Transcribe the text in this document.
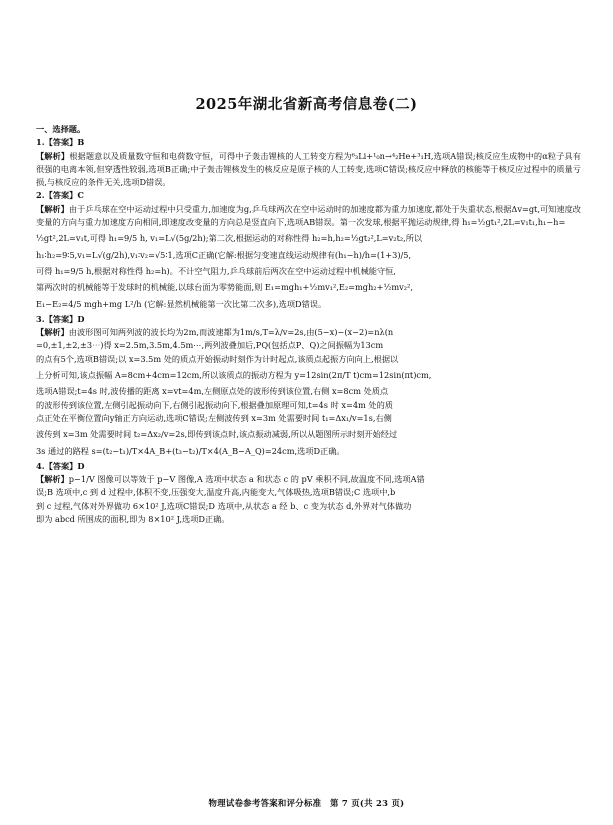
2025年湖北省新高考信息卷(二)

一、选择题。

1.【答案】B

【解析】根据题意以及质量数守恒和电荷数守恒，可得中子轰击锂核的人工转变方程为⁶₃Li+¹₀n→⁴₂He+³₁H,选项A错误;核反应生成物中的α粒子具有很强的电离本领,但穿透性较弱,选项B正确;中子轰击锂核发生的核反应是原子核的人工转变,选项C错误;核反应中释放的核能等于核反应过程中的质量亏损,与核反应的条件无关,选项D错误。

2.【答案】C

【解析】由于乒乓球在空中运动过程中只受重力,加速度为g,乒乓球两次在空中运动时的加速度都为重力加速度,都处于失重状态,根据Δv=gt,可知速度改变量的方向与重力加速度方向相同,即速度改变量的方向总是竖直向下,选项AB错误。第一次发球,根据平抛运动规律,得 h₁=½gt₁²,2L=v₁t₁,h₁−h=

½gt²,2L=v₁t,可得 h₁=9/5 h, v₁=L√(5g/2h);第二次,根据运动的对称性得 h₂=h,h₂=½gt₂²,L=v₂t₂,所以

h₁∶h₂=9∶5,v₁=L√(g/2h),v₁∶v₂=√5∶1,选项C正确(它解:根据匀变速直线运动规律有(h₁−h)/h=(1+3)/5,

可得 h₁=9/5 h,根据对称性得 h₂=h)。不计空气阻力,乒乓球前后两次在空中运动过程中机械能守恒,

第两次时的机械能等于发球时的机械能,以球台面为零势能面,则 E₁=mgh₁+½mv₁²,E₂=mgh₂+½mv₂²,

E₁−E₂=4/5 mgh+mg L²/h (它解:显然机械能第一次比第二次多),选项D错误。

3.【答案】D

【解析】由波形图可知两列波的波长均为2m,而波速都为1m/s,T=λ/v=2s,由(5−x)−(x−2)=nλ(n

=0,±1,±2,±3⋯)得 x=2.5m,3.5m,4.5m⋯,两列波叠加后,PQ(包括点P、Q)之间振幅为13cm

的点有5个,选项B错误;以 x=3.5m 处的质点开始振动时刻作为计时起点,该质点起振方向向上,根据以

上分析可知,该点振幅 A=8cm+4cm=12cm,所以该质点的振动方程为 y=12sin(2π/T t)cm=12sin(πt)cm,

选项A错误;t=4s 时,波传播的距离 x=vt=4m,左侧原点处的波形传到该位置,右侧 x=8cm 处质点

的波形传到该位置,左侧引起振动向下,右侧引起振动向下,根据叠加原理可知,t=4s 时 x=4m 处的质

点正处在平衡位置向y轴正方向运动,选项C错误;左侧波传到 x=3m 处需要时间 t₁=Δx₁/v=1s,右侧

波传到 x=3m 处需要时间 t₂=Δx₂/v=2s,即传到该点时,该点振动减弱,所以从题图所示时刻开始经过

3s 通过的路程 s=(t₂−t₁)/T×4A_B+(t₃−t₂)/T×4(A_B−A_Q)=24cm,选项D正确。

4.【答案】D

【解析】p−1/V 图像可以等效于 p−V 图像,A 选项中状态 a 和状态 c 的 pV 乘积不同,故温度不同,选项A错

误;B 选项中,c 到 d 过程中,体积不变,压强变大,温度升高,内能变大,气体吸热,选项B错误;C 选项中,b

到 c 过程,气体对外界做功 6×10² J,选项C错误;D 选项中,从状态 a 经 b、c 变为状态 d,外界对气体做功

即为 abcd 所围成的面积,即为 8×10² J,选项D正确。

物理试卷参考答案和评分标准　第 7 页(共 23 页)
